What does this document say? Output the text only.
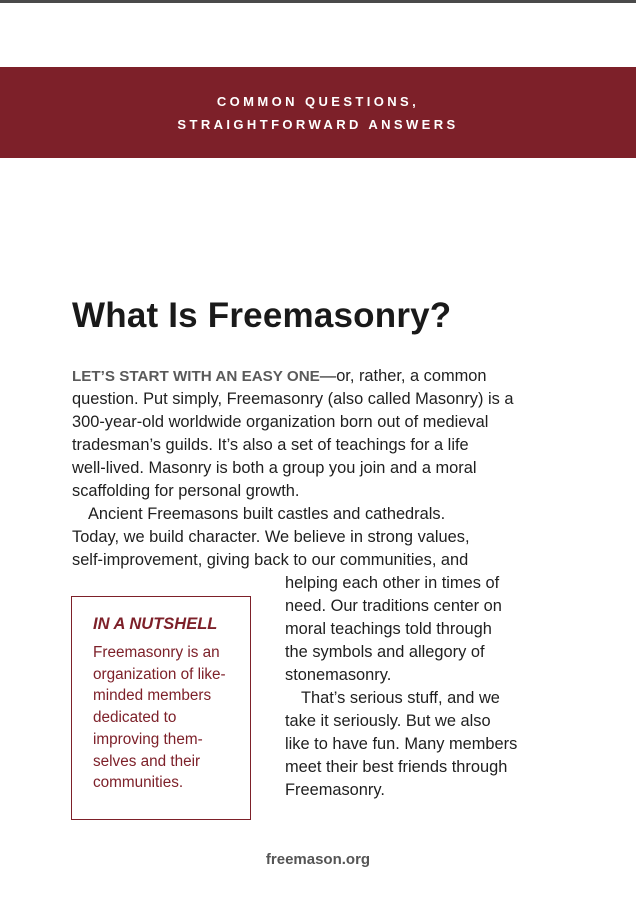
COMMON QUESTIONS,
STRAIGHTFORWARD ANSWERS
What Is Freemasonry?
LET’S START WITH AN EASY ONE—or, rather, a common
question. Put simply, Freemasonry (also called Masonry) is a
300-year-old worldwide organization born out of medieval
tradesman’s guilds. It’s also a set of teachings for a life
well-lived. Masonry is both a group you join and a moral
scaffolding for personal growth.
Ancient Freemasons built castles and cathedrals.
Today, we build character. We believe in strong values,
self-improvement, giving back to our communities, and
helping each other in times of
need. Our traditions center on
moral teachings told through
the symbols and allegory of
stonemasonry.
That’s serious stuff, and we
take it seriously. But we also
like to have fun. Many members
meet their best friends through
Freemasonry.

IN A NUTSHELL

Freemasonry is an
organization of like-
minded members
dedicated to
improving them-
selves and their
communities.

freemason.org
